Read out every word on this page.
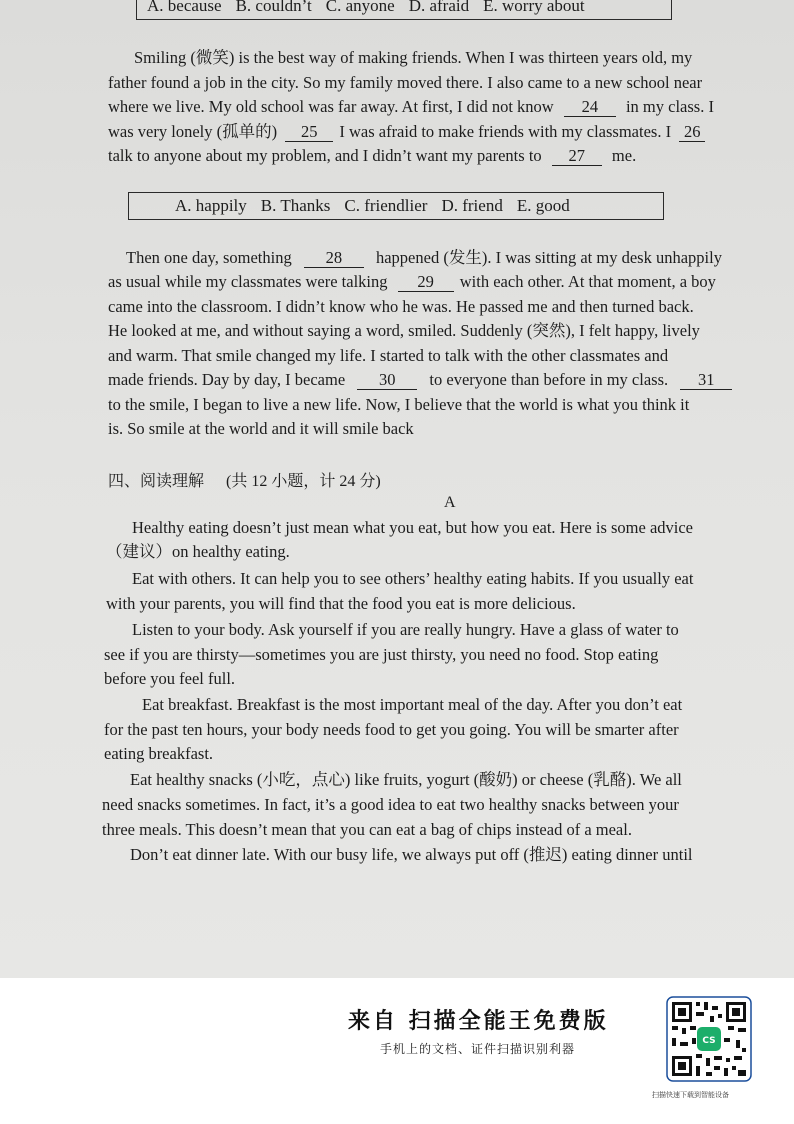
A. because B. couldn’t C. anyone D. afraid E. worry about
Smiling (微笑) is the best way of making friends. When I was thirteen years old, my
father found a job in the city. So my family moved there. I also came to a new school near
where we live. My old school was far away. At first, I did not know 24 in my class. I
was very lonely (孤单的) 25 I was afraid to make friends with my classmates. I 26
talk to anyone about my problem, and I didn’t want my parents to 27 me.
A. happily B. Thanks C. friendlier D. friend E. good
Then one day, something 28 happened (发生). I was sitting at my desk unhappily
as usual while my classmates were talking 29 with each other. At that moment, a boy
came into the classroom. I didn’t know who he was. He passed me and then turned back.
He looked at me, and without saying a word, smiled. Suddenly (突然), I felt happy, lively
and warm. That smile changed my life. I started to talk with the other classmates and
made friends. Day by day, I became 30 to everyone than before in my class. 31
to the smile, I began to live a new life. Now, I believe that the world is what you think it
is. So smile at the world and it will smile back
四、阅读理解 (共 12 小题，计 24 分)
A
Healthy eating doesn’t just mean what you eat, but how you eat. Here is some advice
（建议）on healthy eating.
Eat with others. It can help you to see others’ healthy eating habits. If you usually eat
with your parents, you will find that the food you eat is more delicious.
Listen to your body. Ask yourself if you are really hungry. Have a glass of water to
see if you are thirsty—sometimes you are just thirsty, you need no food. Stop eating
before you feel full.
Eat breakfast. Breakfast is the most important meal of the day. After you don’t eat
for the past ten hours, your body needs food to get you going. You will be smarter after
eating breakfast.
Eat healthy snacks (小吃，点心) like fruits, yogurt (酸奶) or cheese (乳酪). We all
need snacks sometimes. In fact, it’s a good idea to eat two healthy snacks between your
three meals. This doesn’t mean that you can eat a bag of chips instead of a meal.
Don’t eat dinner late. With our busy life, we always put off (推迟) eating dinner until
来自 扫描全能王免费版
手机上的文档、证件扫描识别利器
CS
扫描快速下载到智能设备
